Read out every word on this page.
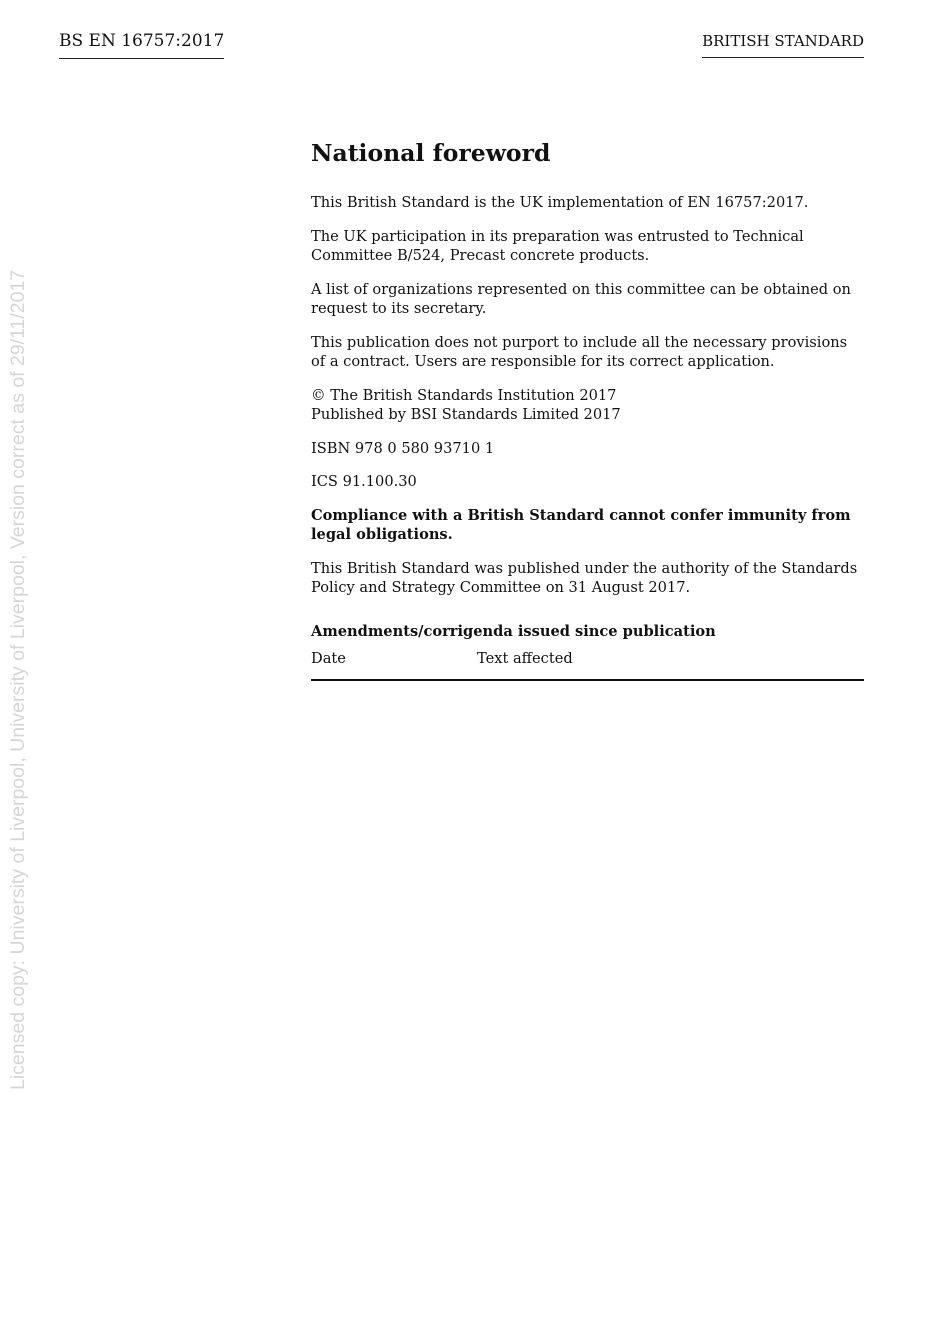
BS EN 16757:2017	BRITISH STANDARD
Licensed copy: University of Liverpool, University of Liverpool, Version correct as of 29/11/2017
National foreword

This British Standard is the UK implementation of EN 16757:2017.

The UK participation in its preparation was entrusted to Technical Committee B/524, Precast concrete products.

A list of organizations represented on this committee can be obtained on request to its secretary.

This publication does not purport to include all the necessary provisions of a contract. Users are responsible for its correct application.

© The British Standards Institution 2017
Published by BSI Standards Limited 2017

ISBN 978 0 580 93710 1

ICS 91.100.30

Compliance with a British Standard cannot confer immunity from legal obligations.

This British Standard was published under the authority of the Standards Policy and Strategy Committee on 31 August 2017.

Amendments/corrigenda issued since publication
Date	Text affected
